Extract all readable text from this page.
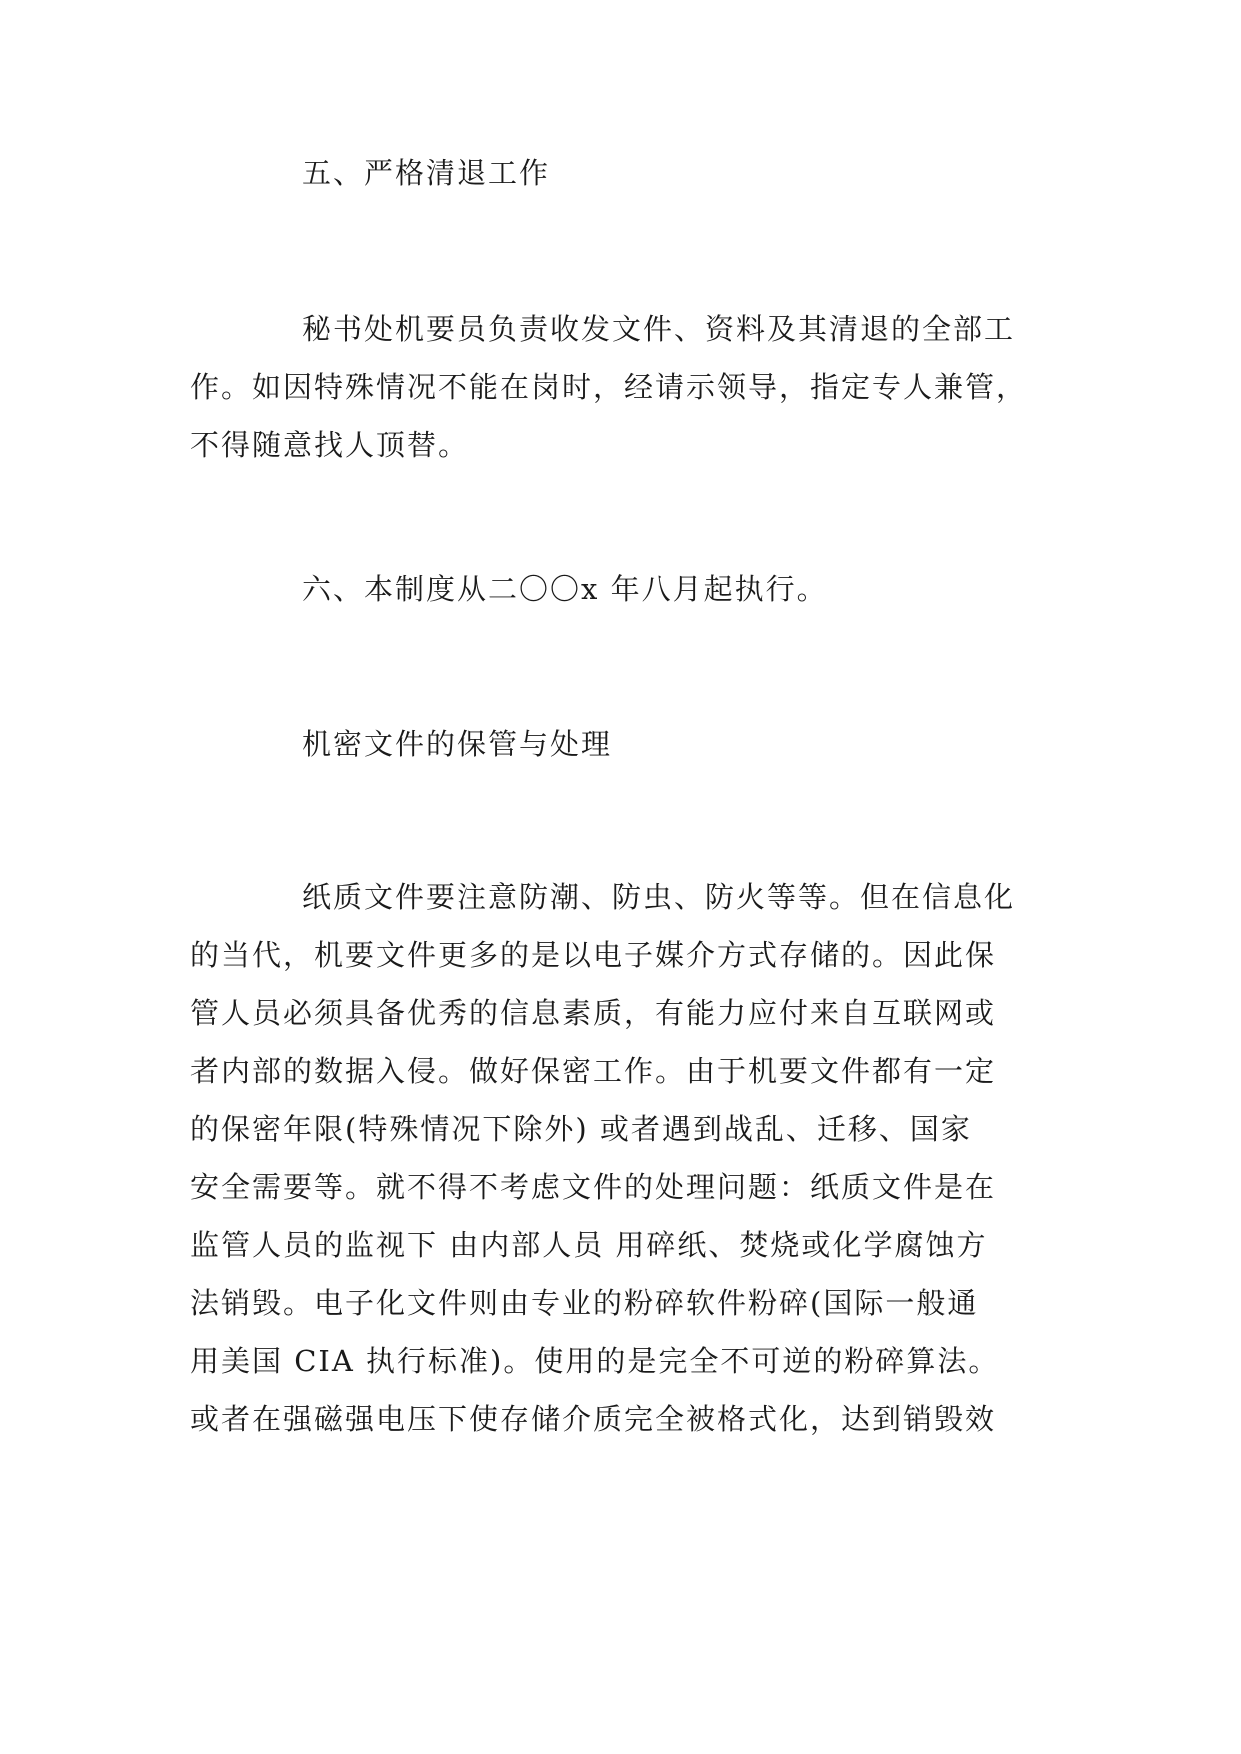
五、严格清退工作

秘书处机要员负责收发文件、资料及其清退的全部工
作。如因特殊情况不能在岗时，经请示领导，指定专人兼管，
不得随意找人顶替。

六、本制度从二〇〇x 年八月起执行。

机密文件的保管与处理

纸质文件要注意防潮、防虫、防火等等。但在信息化
的当代，机要文件更多的是以电子媒介方式存储的。因此保
管人员必须具备优秀的信息素质，有能力应付来自互联网或
者内部的数据入侵。做好保密工作。由于机要文件都有一定
的保密年限(特殊情况下除外) 或者遇到战乱、迁移、国家
安全需要等。就不得不考虑文件的处理问题：纸质文件是在
监管人员的监视下 由内部人员 用碎纸、焚烧或化学腐蚀方
法销毁。电子化文件则由专业的粉碎软件粉碎(国际一般通
用美国 CIA 执行标准)。使用的是完全不可逆的粉碎算法。
或者在强磁强电压下使存储介质完全被格式化，达到销毁效
